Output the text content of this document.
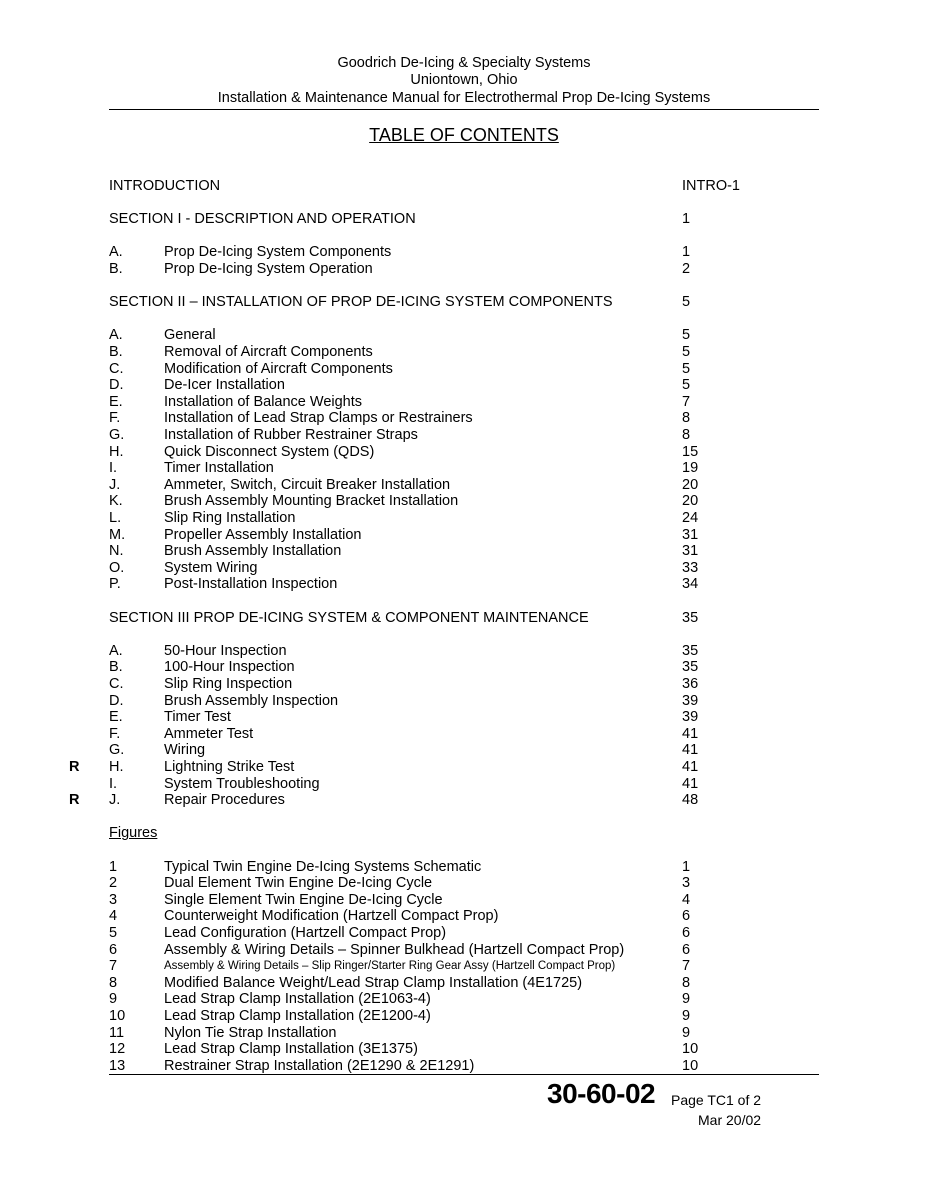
Goodrich De-Icing & Specialty Systems
Uniontown, Ohio
Installation & Maintenance Manual for Electrothermal Prop De-Icing Systems
TABLE OF CONTENTS
INTRODUCTION	INTRO-1
SECTION I - DESCRIPTION AND OPERATION	1
A.	Prop De-Icing System Components	1
B.	Prop De-Icing System Operation	2
SECTION II – INSTALLATION OF PROP DE-ICING SYSTEM COMPONENTS	5
A.	General	5
B.	Removal of Aircraft Components	5
C.	Modification of Aircraft Components	5
D.	De-Icer Installation	5
E.	Installation of Balance Weights	7
F.	Installation of Lead Strap Clamps or Restrainers	8
G.	Installation of Rubber Restrainer Straps	8
H.	Quick Disconnect System (QDS)	15
I.	Timer Installation	19
J.	Ammeter, Switch, Circuit Breaker Installation	20
K.	Brush Assembly Mounting Bracket Installation	20
L.	Slip Ring Installation	24
M.	Propeller Assembly Installation	31
N.	Brush Assembly Installation	31
O.	System Wiring	33
P.	Post-Installation Inspection	34
SECTION III PROP DE-ICING SYSTEM & COMPONENT MAINTENANCE	35
A.	50-Hour Inspection	35
B.	100-Hour Inspection	35
C.	Slip Ring Inspection	36
D.	Brush Assembly Inspection	39
E.	Timer Test	39
F.	Ammeter Test	41
G.	Wiring	41
R H.	Lightning Strike Test	41
I.	System Troubleshooting	41
R J.	Repair Procedures	48
Figures
1	Typical Twin Engine De-Icing Systems Schematic	1
2	Dual Element Twin Engine De-Icing Cycle	3
3	Single Element Twin Engine De-Icing Cycle	4
4	Counterweight Modification (Hartzell Compact Prop)	6
5	Lead Configuration (Hartzell Compact Prop)	6
6	Assembly & Wiring Details – Spinner Bulkhead (Hartzell Compact Prop)	6
7	Assembly & Wiring Details – Slip Ringer/Starter Ring Gear Assy (Hartzell Compact Prop)	7
8	Modified Balance Weight/Lead Strap Clamp Installation (4E1725)	8
9	Lead Strap Clamp Installation (2E1063-4)	9
10	Lead Strap Clamp Installation (2E1200-4)	9
11	Nylon Tie Strap Installation	9
12	Lead Strap Clamp Installation (3E1375)	10
13	Restrainer Strap Installation (2E1290 & 2E1291)	10
30-60-02 Page TC1 of 2
Mar 20/02
